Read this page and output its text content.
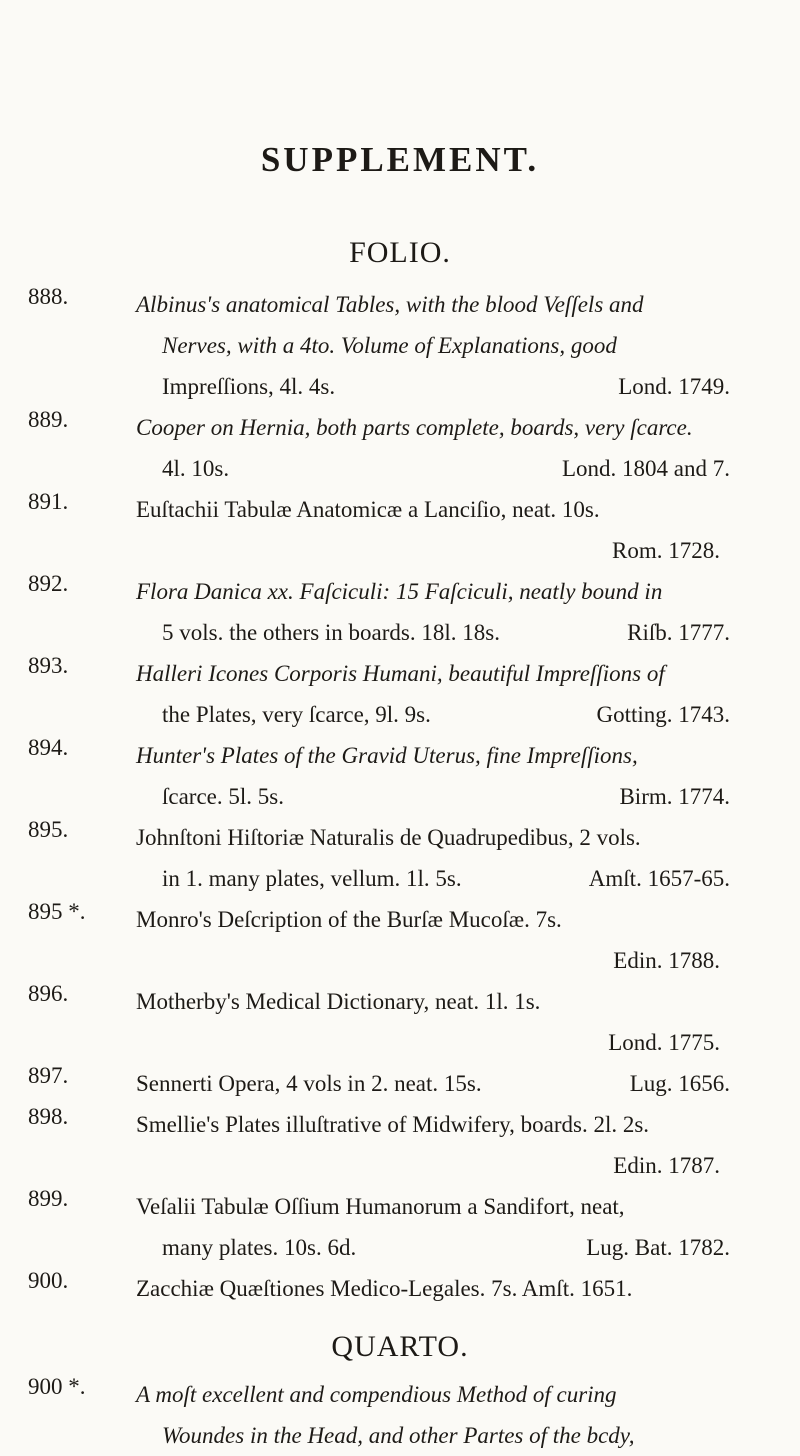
SUPPLEMENT.
FOLIO.
888.	Albinus's anatomical Tables, with the blood Veſſels and
Nerves, with a 4to. Volume of Explanations, good
Impreſſions, 4l. 4s.	Lond. 1749.
889.	Cooper on Hernia, both parts complete, boards, very ſcarce.
4l. 10s.	Lond. 1804 and 7.
891.	Euſtachii Tabulæ Anatomicæ a Lanciſio, neat. 10s.
Rom. 1728.
892.	Flora Danica xx. Faſciculi: 15 Faſciculi, neatly bound in
5 vols. the others in boards. 18l. 18s.	Riſb. 1777.
893.	Halleri Icones Corporis Humani, beautiful Impreſſions of
the Plates, very ſcarce, 9l. 9s.	Gotting. 1743.
894.	Hunter's Plates of the Gravid Uterus, fine Impreſſions,
ſcarce. 5l. 5s.	Birm. 1774.
895.	Johnſtoni Hiſtoriæ Naturalis de Quadrupedibus, 2 vols.
in 1. many plates, vellum. 1l. 5s.	Amſt. 1657-65.
895 *.	Monro's Deſcription of the Burſæ Mucoſæ. 7s.
Edin. 1788.
896.	Motherby's Medical Dictionary, neat. 1l. 1s.
Lond. 1775.
897.	Sennerti Opera, 4 vols in 2. neat. 15s.	Lug. 1656.
898.	Smellie's Plates illuſtrative of Midwifery, boards. 2l. 2s.
Edin. 1787.
899.	Veſalii Tabulæ Oſſium Humanorum a Sandifort, neat,
many plates. 10s. 6d.	Lug. Bat. 1782.
900.	Zacchiæ Quæſtiones Medico-Legales. 7s. Amſt. 1651.
QUARTO.
900 *.	A moſt excellent and compendious Method of curing
Woundes in the Head, and other Partes of the bcdy,
